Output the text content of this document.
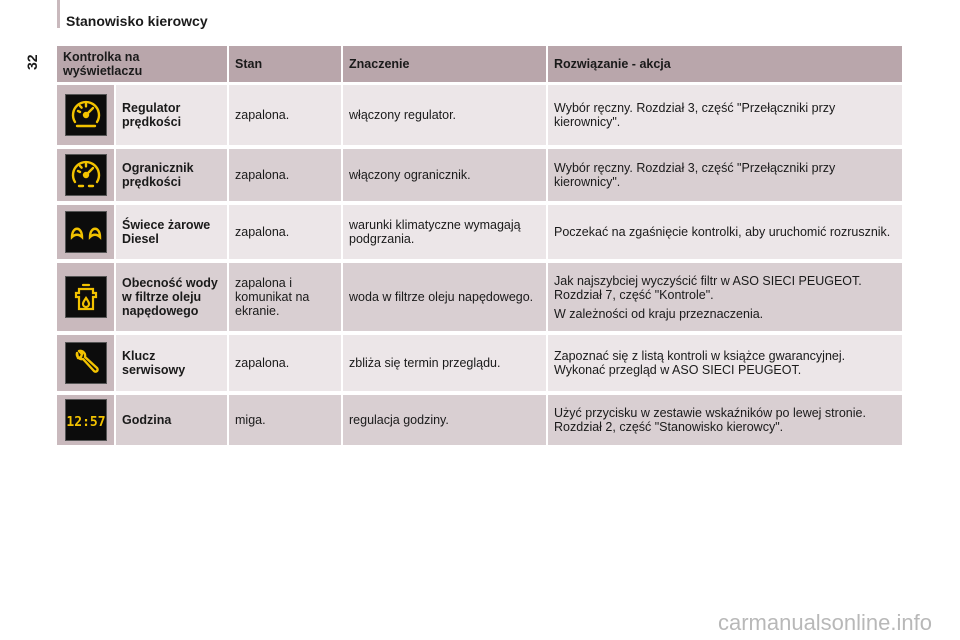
32
Stanowisko kierowcy
Kontrolka na wyświetlaczu		Stan	Znaczenie	Rozwiązanie - akcja

	Regulator prędkości	zapalona.	włączony regulator.	Wybór ręczny. Rozdział 3, część "Przełączniki przy kierownicy".

	Ogranicznik prędkości	zapalona.	włączony ogranicznik.	Wybór ręczny. Rozdział 3, część "Przełączniki przy kierownicy".

	Świece żarowe Diesel	zapalona.	warunki klimatyczne wymagają podgrzania.	Poczekać na zgaśnięcie kontrolki, aby uruchomić rozrusznik.

	Obecność wody w filtrze oleju napędowego	zapalona i komunikat na ekranie.	woda w filtrze oleju napędowego.	Jak najszybciej wyczyścić filtr w ASO SIECI PEUGEOT. Rozdział 7, część "Kontrole".
W zależności od kraju przeznaczenia.

	Klucz serwisowy	zapalona.	zbliża się termin przeglądu.	Zapoznać się z listą kontroli w książce gwarancyjnej. Wykonać przegląd w ASO SIECI PEUGEOT.

12:57	Godzina	miga.	regulacja godziny.	Użyć przycisku w zestawie wskaźników po lewej stronie. Rozdział 2, część "Stanowisko kierowcy".
carmanualsonline.info
